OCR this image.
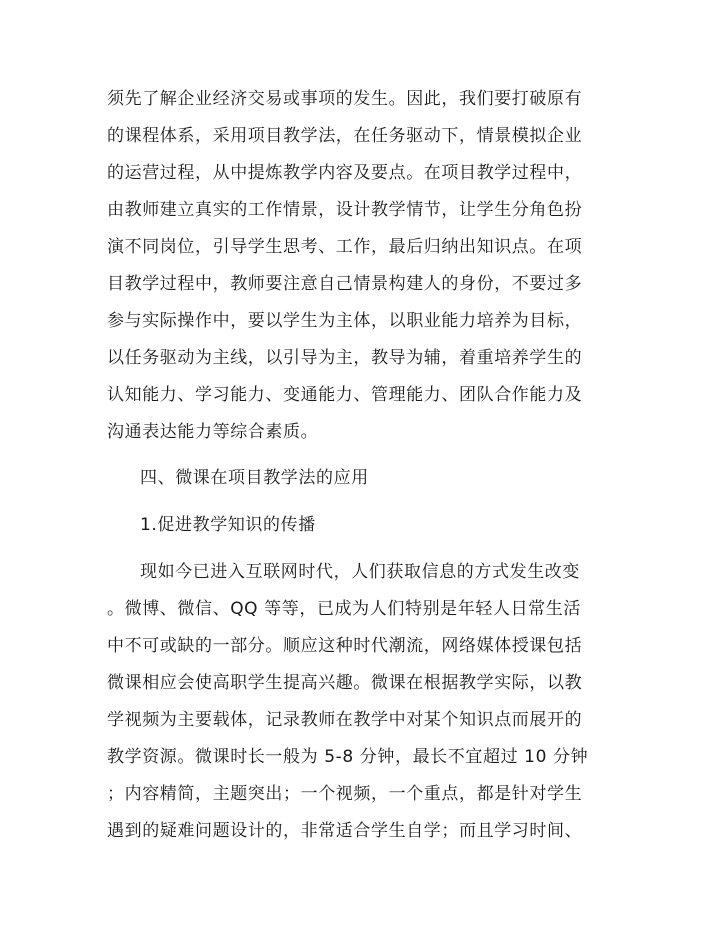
须先了解企业经济交易或事项的发生。因此，我们要打破原有
的课程体系，采用项目教学法，在任务驱动下，情景模拟企业
的运营过程，从中提炼教学内容及要点。在项目教学过程中，
由教师建立真实的工作情景，设计教学情节，让学生分角色扮
演不同岗位，引导学生思考、工作，最后归纳出知识点。在项
目教学过程中，教师要注意自己情景构建人的身份，不要过多
参与实际操作中，要以学生为主体，以职业能力培养为目标，
以任务驱动为主线，以引导为主，教导为辅，着重培养学生的
认知能力、学习能力、变通能力、管理能力、团队合作能力及
沟通表达能力等综合素质。
四、微课在项目教学法的应用
1.促进教学知识的传播
现如今已进入互联网时代，人们获取信息的方式发生改变
。微博、微信、QQ 等等，已成为人们特别是年轻人日常生活
中不可或缺的一部分。顺应这种时代潮流，网络媒体授课包括
微课相应会使高职学生提高兴趣。微课在根据教学实际，以教
学视频为主要载体，记录教师在教学中对某个知识点而展开的
教学资源。微课时长一般为 5-8 分钟，最长不宜超过 10 分钟
；内容精简，主题突出；一个视频，一个重点，都是针对学生
遇到的疑难问题设计的，非常适合学生自学；而且学习时间、
